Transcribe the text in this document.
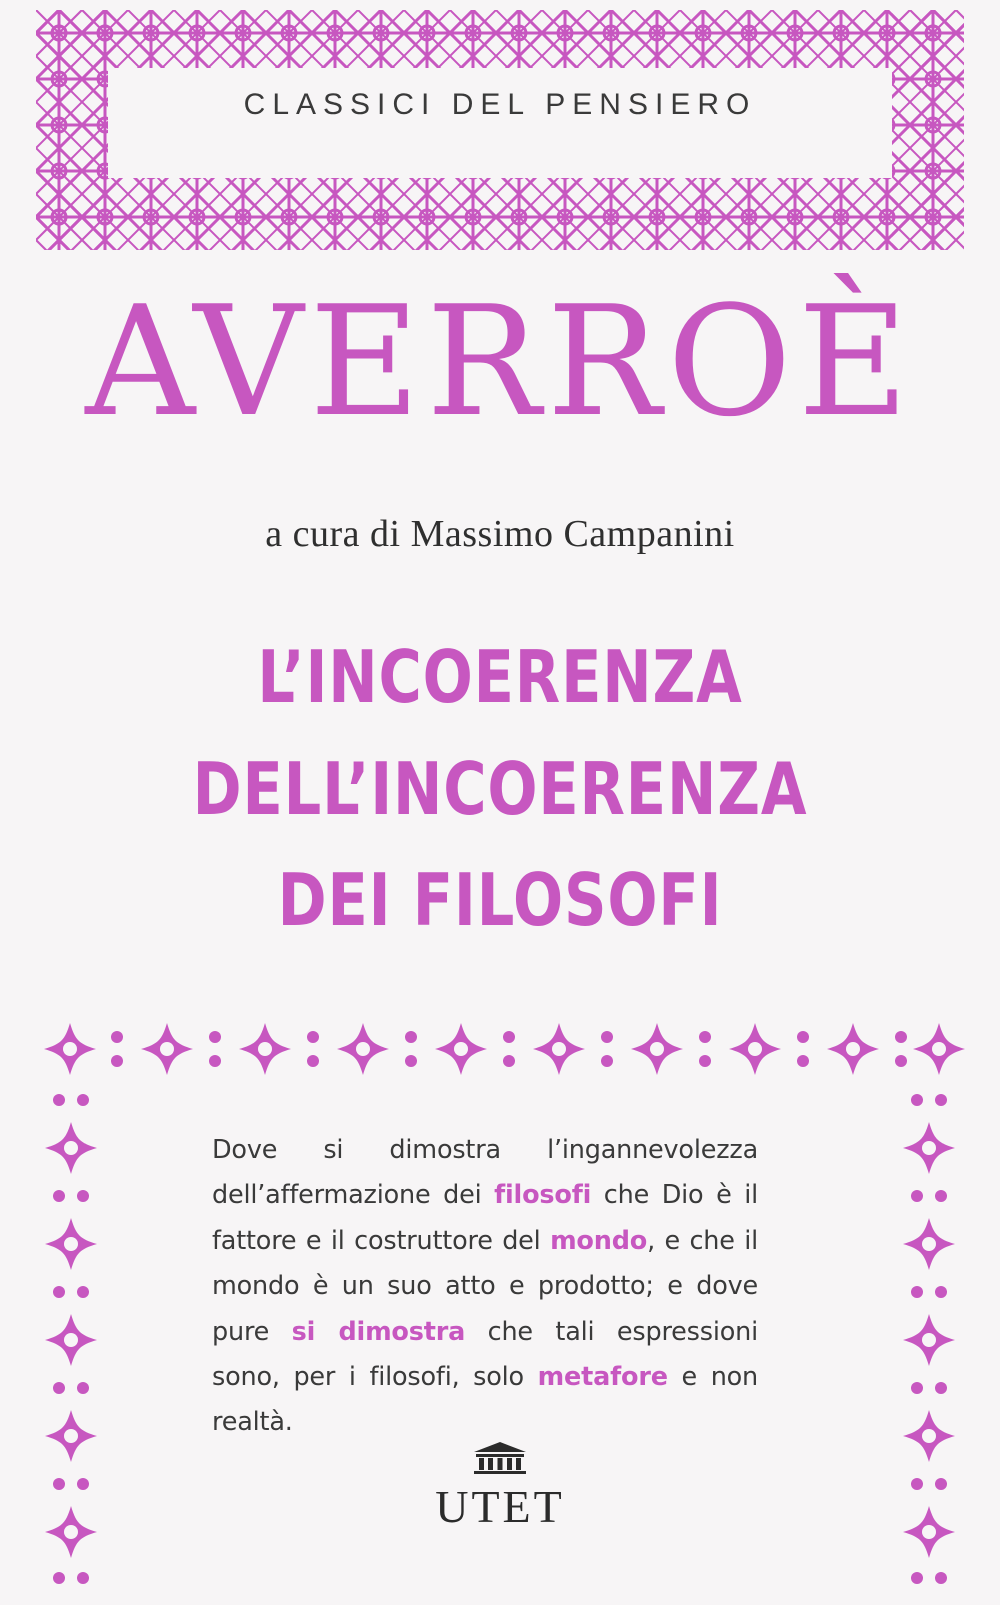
CLASSICI DEL PENSIERO
AVERROÈ
a cura di Massimo Campanini
L’INCOERENZA
DELL’INCOERENZA
DEI FILOSOFI
Dove si dimostra l’ingannevolezza dell’affermazione dei filosofi che Dio è il fattore e il costruttore del mondo, e che il mondo è un suo atto e prodotto; e dove pure si dimostra che tali espressioni sono, per i filosofi, solo metafore e non realtà.
UTET
